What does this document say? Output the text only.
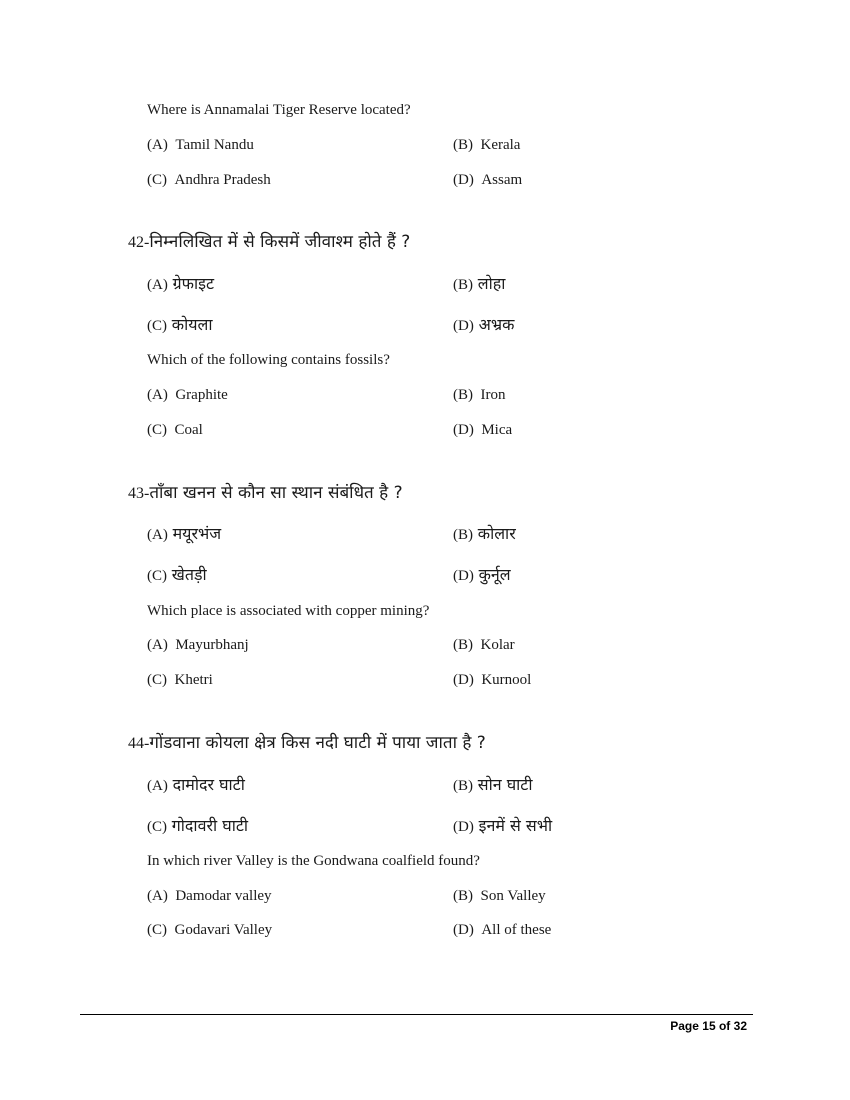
Where is Annamalai Tiger Reserve located?
(A) Tamil Nandu	(B) Kerala
(C) Andhra Pradesh	(D) Assam
42-निम्नलिखित में से किसमें जीवाश्म होते हैं ?
(A) ग्रेफाइट	(B) लोहा
(C) कोयला	(D) अभ्रक
Which of the following contains fossils?
(A) Graphite	(B) Iron
(C) Coal	(D) Mica
43-ताँबा खनन से कौन सा स्थान संबंधित है ?
(A) मयूरभंज	(B) कोलार
(C) खेतड़ी	(D) कुर्नूल
Which place is associated with copper mining?
(A) Mayurbhanj	(B) Kolar
(C) Khetri	(D) Kurnool
44-गोंडवाना कोयला क्षेत्र किस नदी घाटी में पाया जाता है ?
(A) दामोदर घाटी	(B) सोन घाटी
(C) गोदावरी घाटी	(D) इनमें से सभी
In which river Valley is the Gondwana coalfield found?
(A) Damodar valley	(B) Son Valley
(C) Godavari Valley	(D) All of these
Page 15 of 32
